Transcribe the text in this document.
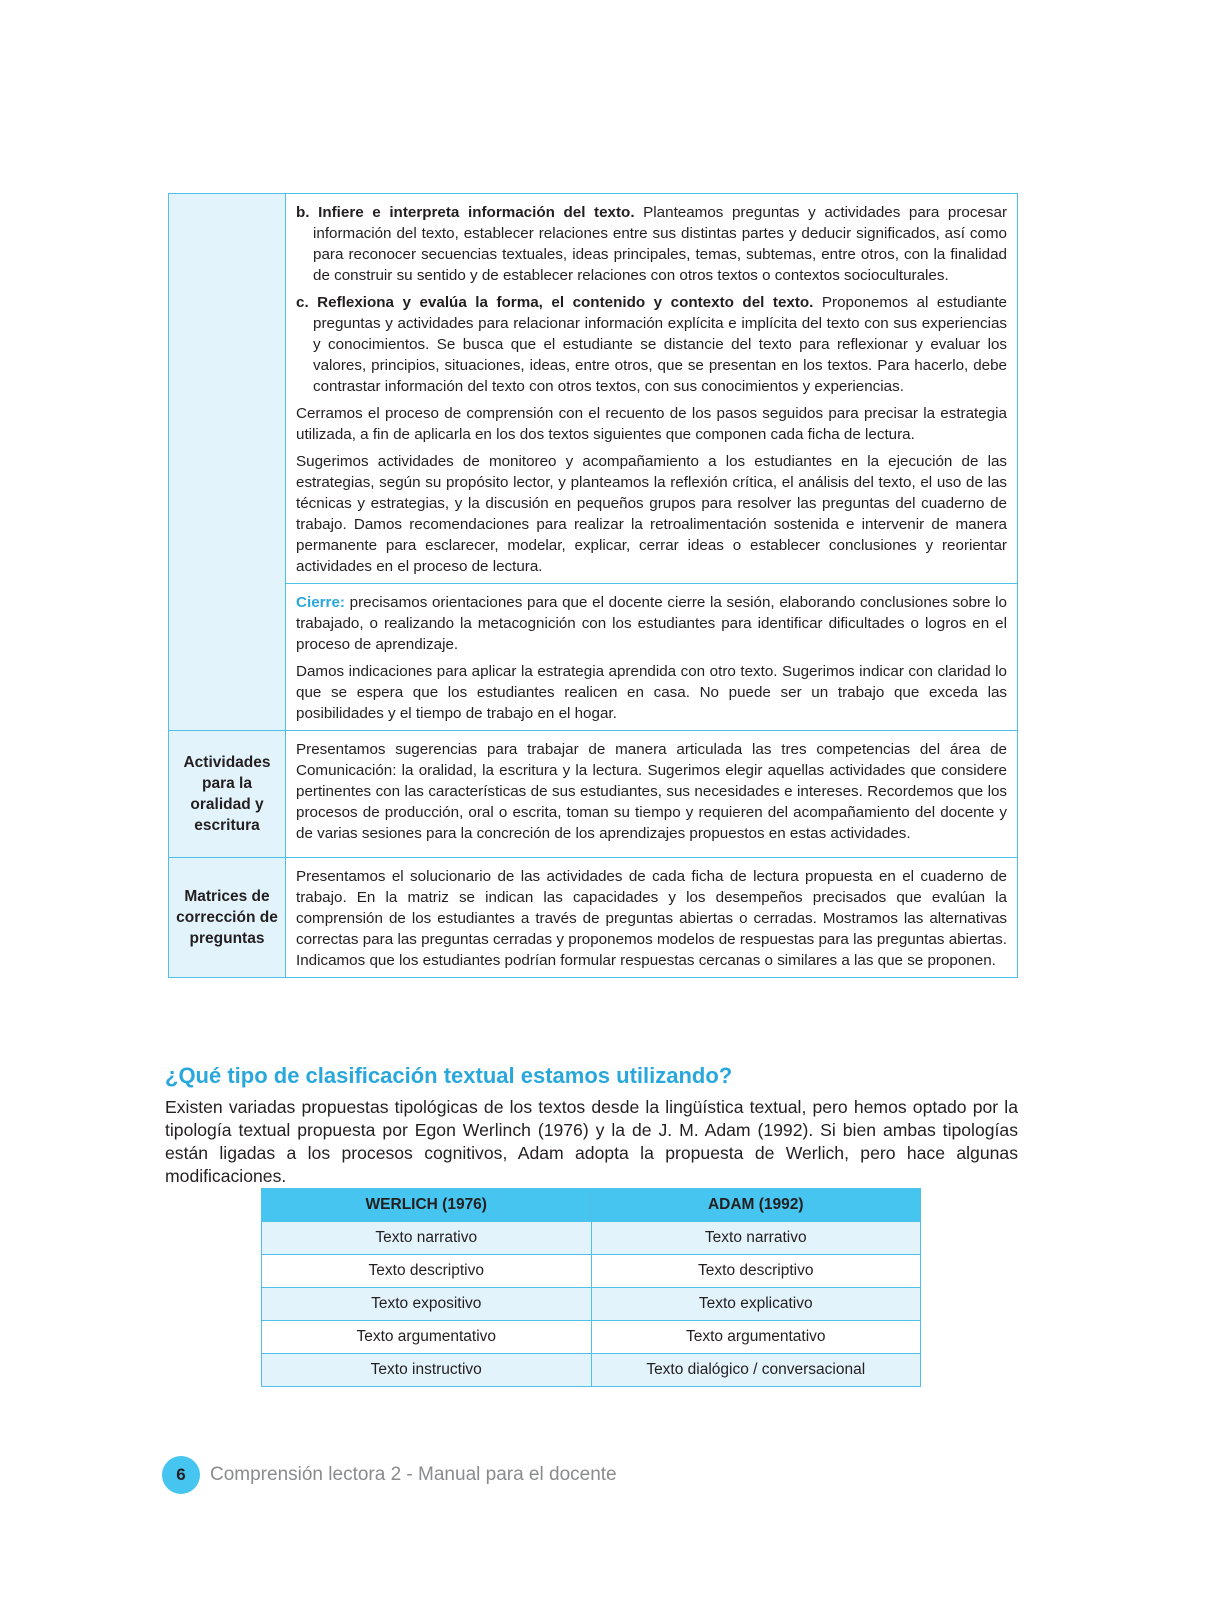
	b. Infiere e interpreta información del texto. Planteamos preguntas y actividades para procesar información del texto, establecer relaciones entre sus distintas partes y deducir significados, así como para reconocer secuencias textuales, ideas principales, temas, subtemas, entre otros, con la finalidad de construir su sentido y de establecer relaciones con otros textos o contextos socioculturales.

c. Reflexiona y evalúa la forma, el contenido y contexto del texto. Proponemos al estudiante preguntas y actividades para relacionar información explícita e implícita del texto con sus experiencias y conocimientos. Se busca que el estudiante se distancie del texto para reflexionar y evaluar los valores, principios, situaciones, ideas, entre otros, que se presentan en los textos. Para hacerlo, debe contrastar información del texto con otros textos, con sus conocimientos y experiencias.

Cerramos el proceso de comprensión con el recuento de los pasos seguidos para precisar la estrategia utilizada, a fin de aplicarla en los dos textos siguientes que componen cada ficha de lectura.

Sugerimos actividades de monitoreo y acompañamiento a los estudiantes en la ejecución de las estrategias, según su propósito lector, y planteamos la reflexión crítica, el análisis del texto, el uso de las técnicas y estrategias, y la discusión en pequeños grupos para resolver las preguntas del cuaderno de trabajo. Damos recomendaciones para realizar la retroalimentación sostenida e intervenir de manera permanente para esclarecer, modelar, explicar, cerrar ideas o establecer conclusiones y reorientar actividades en el proceso de lectura.

	Cierre: precisamos orientaciones para que el docente cierre la sesión, elaborando conclusiones sobre lo trabajado, o realizando la metacognición con los estudiantes para identificar dificultades o logros en el proceso de aprendizaje.

Damos indicaciones para aplicar la estrategia aprendida con otro texto. Sugerimos indicar con claridad lo que se espera que los estudiantes realicen en casa. No puede ser un trabajo que exceda las posibilidades y el tiempo de trabajo en el hogar.

Actividades para la oralidad y escritura	Presentamos sugerencias para trabajar de manera articulada las tres competencias del área de Comunicación: la oralidad, la escritura y la lectura. Sugerimos elegir aquellas actividades que considere pertinentes con las características de sus estudiantes, sus necesidades e intereses. Recordemos que los procesos de producción, oral o escrita, toman su tiempo y requieren del acompañamiento del docente y de varias sesiones para la concreción de los aprendizajes propuestos en estas actividades.

Matrices de corrección de preguntas	Presentamos el solucionario de las actividades de cada ficha de lectura propuesta en el cuaderno de trabajo. En la matriz se indican las capacidades y los desempeños precisados que evalúan la comprensión de los estudiantes a través de preguntas abiertas o cerradas. Mostramos las alternativas correctas para las preguntas cerradas y proponemos modelos de respuestas para las preguntas abiertas. Indicamos que los estudiantes podrían formular respuestas cercanas o similares a las que se proponen.

¿Qué tipo de clasificación textual estamos utilizando?

Existen variadas propuestas tipológicas de los textos desde la lingüística textual, pero hemos optado por la tipología textual propuesta por Egon Werlinch (1976) y la de J. M. Adam (1992). Si bien ambas tipologías están ligadas a los procesos cognitivos, Adam adopta la propuesta de Werlich, pero hace algunas modificaciones.

WERLICH (1976)	ADAM (1992)
Texto narrativo	Texto narrativo
Texto descriptivo	Texto descriptivo
Texto expositivo	Texto explicativo
Texto argumentativo	Texto argumentativo
Texto instructivo	Texto dialógico / conversacional
6	Comprensión lectora 2 - Manual para el docente
